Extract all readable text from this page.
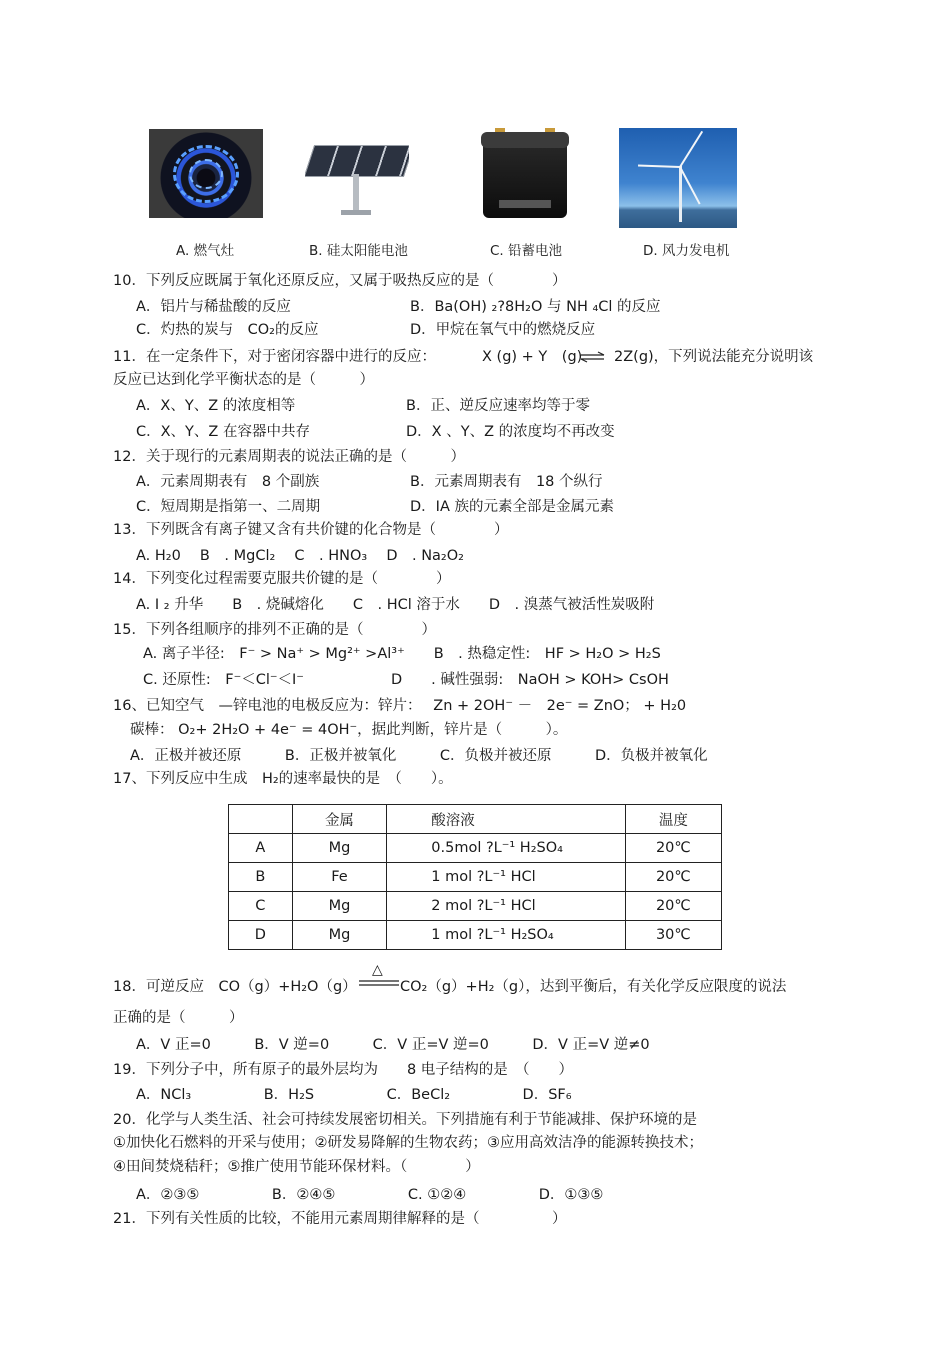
A. 燃气灶	B. 硅太阳能电池	C. 铅蓄电池	D. 风力发电机
10．下列反应既属于氧化还原反应，又属于吸热反应的是（　　　　）
A．铝片与稀盐酸的反应	B．Ba(OH) ₂?8H₂O 与 NH ₄Cl 的反应
C．灼热的炭与　CO₂的反应	D．甲烷在氧气中的燃烧反应
11．在一定条件下，对于密闭容器中进行的反应：	X (g) + Y　(g) ⇌ 2Z(g)，下列说法能充分说明该
反应已达到化学平衡状态的是（　　　）
A．X、Y、Z 的浓度相等	B．正、逆反应速率均等于零
C．X、Y、Z 在容器中共存	D．X 、Y、Z 的浓度均不再改变
12．关于现行的元素周期表的说法正确的是（　　　）
A．元素周期表有　8 个副族	B．元素周期表有　18 个纵行
C．短周期是指第一、二周期	D．IA 族的元素全部是金属元素
13．下列既含有离子键又含有共价键的化合物是（　　　　）
A. H₂0　 B　. MgCl₂　 C　. HNO₃　 D　. Na₂O₂
14．下列变化过程需要克服共价键的是（　　　　）
A. I ₂ 升华　　B　. 烧碱熔化　　C　. HCl 溶于水　　D　. 溴蒸气被活性炭吸附
15．下列各组顺序的排列不正确的是（　　　　）
A. 离子半径:　F⁻ > Na⁺ > Mg²⁺ >Al³⁺　　B　. 热稳定性:　HF > H₂O > H₂S
C. 还原性:　F⁻＜Cl⁻＜I⁻　　　　　　D　　. 碱性强弱:　NaOH > KOH> CsOH
16、已知空气　—锌电池的电极反应为：锌片：　 Zn + 2OH⁻ －　2e⁻ = ZnO； + H₂0
碳棒： O₂+ 2H₂O + 4e⁻ = 4OH⁻，据此判断，锌片是（　　　）。
A．正极并被还原　　　B．正极并被氧化　　　C．负极并被还原　　　D．负极并被氧化
17、下列反应中生成　H₂的速率最快的是　（　　）。
	金属	酸溶液	温度
A	Mg	0.5mol ?L⁻¹ H₂SO₄	20℃
B	Fe	1 mol ?L⁻¹ HCl	20℃
C	Mg	2 mol ?L⁻¹ HCl	20℃
D	Mg	1 mol ?L⁻¹ H₂SO₄	30℃
18．可逆反应　CO（g）+H₂O（g）
△
CO₂（g）+H₂（g），达到平衡后，有关化学反应限度的说法
正确的是（　　　）
A．V 正=0　　　B．V 逆=0　　　C．V 正=V 逆=0　　　D．V 正=V 逆≠0
19．下列分子中，所有原子的最外层均为　　8 电子结构的是　（　　）
A．NCl₃　　　　　B．H₂S　　　　　C．BeCl₂　　　　　D．SF₆
20．化学与人类生活、社会可持续发展密切相关。下列措施有利于节能减排、保护环境的是
①加快化石燃料的开采与使用；②研发易降解的生物农药；③应用高效洁净的能源转换技术；
④田间焚烧秸秆；⑤推广使用节能环保材料。（　　　　）
A．②③⑤　　　　　B．②④⑤　　　　　C. ①②④　　　　　D．①③⑤
21．下列有关性质的比较，不能用元素周期律解释的是（　　　　　）
